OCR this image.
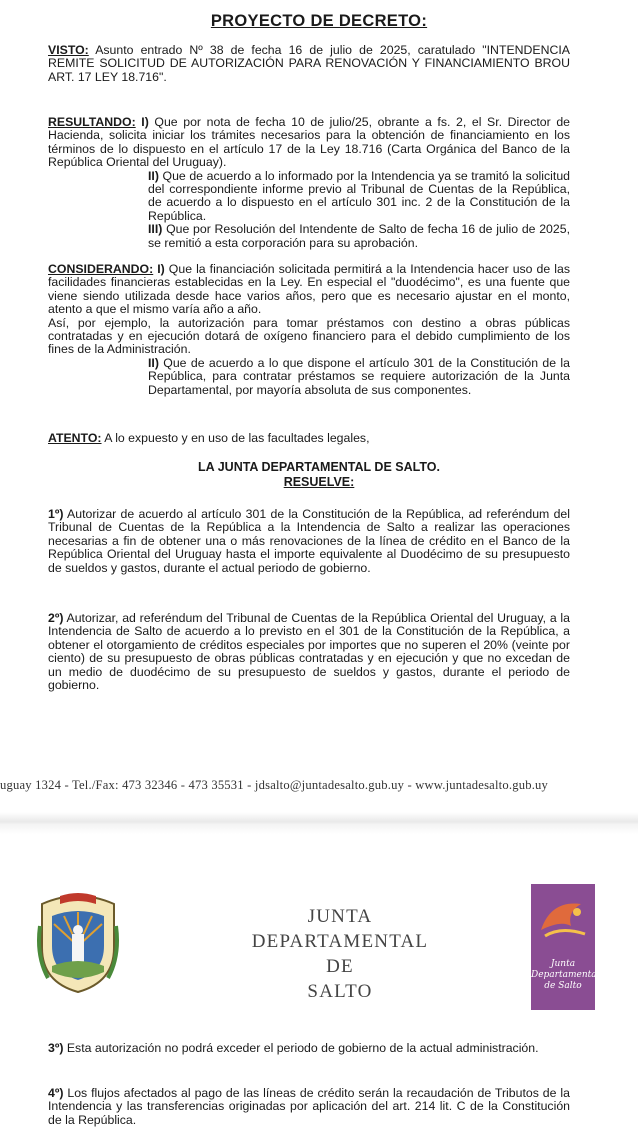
PROYECTO DE DECRETO:
VISTO: Asunto entrado Nº 38 de fecha 16 de julio de 2025, caratulado "INTENDENCIA REMITE SOLICITUD DE AUTORIZACIÓN PARA RENOVACIÓN Y FINANCIAMIENTO BROU ART. 17 LEY 18.716".
RESULTANDO: I) Que por nota de fecha 10 de julio/25, obrante a fs. 2, el Sr. Director de Hacienda, solicita iniciar los trámites necesarios para la obtención de financiamiento en los términos de lo dispuesto en el artículo 17 de la Ley 18.716 (Carta Orgánica del Banco de la República Oriental del Uruguay).
II) Que de acuerdo a lo informado por la Intendencia ya se tramitó la solicitud del correspondiente informe previo al Tribunal de Cuentas de la República, de acuerdo a lo dispuesto en el artículo 301 inc. 2 de la Constitución de la República.
III) Que por Resolución del Intendente de Salto de fecha 16 de julio de 2025, se remitió a esta corporación para su aprobación.
CONSIDERANDO: I) Que la financiación solicitada permitirá a la Intendencia hacer uso de las facilidades financieras establecidas en la Ley. En especial el "duodécimo", es una fuente que viene siendo utilizada desde hace varios años, pero que es necesario ajustar en el monto, atento a que el mismo varía año a año.
Así, por ejemplo, la autorización para tomar préstamos con destino a obras públicas contratadas y en ejecución dotará de oxígeno financiero para el debido cumplimiento de los fines de la Administración.
II) Que de acuerdo a lo que dispone el artículo 301 de la Constitución de la República, para contratar préstamos se requiere autorización de la Junta Departamental, por mayoría absoluta de sus componentes.
ATENTO: A lo expuesto y en uso de las facultades legales,
LA JUNTA DEPARTAMENTAL DE SALTO.
RESUELVE:
1º) Autorizar de acuerdo al artículo 301 de la Constitución de la República, ad referéndum del Tribunal de Cuentas de la República a la Intendencia de Salto a realizar las operaciones necesarias a fin de obtener una o más renovaciones de la línea de crédito en el Banco de la República Oriental del Uruguay hasta el importe equivalente al Duodécimo de su presupuesto de sueldos y gastos, durante el actual periodo de gobierno.
2º) Autorizar, ad referéndum del Tribunal de Cuentas de la República Oriental del Uruguay, a la Intendencia de Salto de acuerdo a lo previsto en el 301 de la Constitución de la República, a obtener el otorgamiento de créditos especiales por importes que no superen el 20% (veinte por ciento) de su presupuesto de obras públicas contratadas y en ejecución y que no excedan de un medio de duodécimo de su presupuesto de sueldos y gastos, durante el periodo de gobierno.
uguay 1324 - Tel./Fax: 473 32346 - 473 35531 - jdsalto@juntadesalto.gub.uy - www.juntadesalto.gub.uy
JUNTA
DEPARTAMENTAL
DE
SALTO
3º) Esta autorización no podrá exceder el periodo de gobierno de la actual administración.
4º) Los flujos afectados al pago de las líneas de crédito serán la recaudación de Tributos de la Intendencia y las transferencias originadas por aplicación del art. 214 lit. C de la Constitución de la República.
Junta
Departamental
de Salto
